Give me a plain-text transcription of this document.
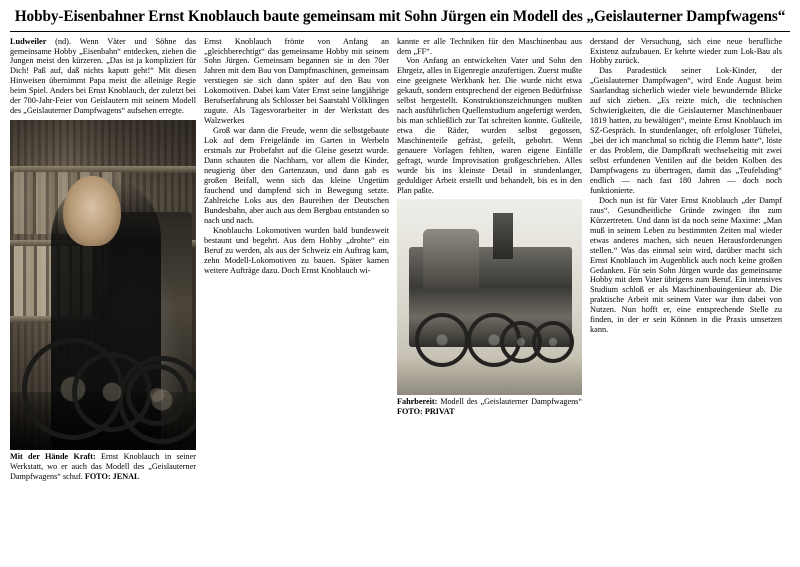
Hobby-Eisenbahner Ernst Knoblauch baute gemeinsam mit Sohn Jürgen ein Modell des „Geislauterner Dampfwagens“

Ludweiler (nd). Wenn Väter und Söhne das gemeinsame Hobby „Eisenbahn“ entdecken, ziehen die Jungen meist den kürzeren. „Das ist ja kompliziert für Dich! Paß auf, daß nichts kaputt geht!“ Mit diesen Hinweisen übernimmt Papa meist die alleinige Regie beim Spiel. Anders bei Ernst Knoblauch, der zuletzt bei der 700-Jahr-Feier von Geislautern mit seinem Modell des „Geislauterner Dampfwagens“ aufsehen erregte.

Mit der Hände Kraft: Ernst Knoblauch in seiner Werkstatt, wo er auch das Modell des „Geislauterner Dampfwagens“ schuf. FOTO: JENAL

Ernst Knoblauch frönte von Anfang an „gleichberechtigt“ das gemeinsame Hobby mit seinem Sohn Jürgen. Gemeinsam begannen sie in den 70er Jahren mit dem Bau von Dampfmaschinen, gemeinsam verstiegen sie sich dann später auf den Bau von Lokomotiven. Dabei kam Vater Ernst seine langjährige Berufserfahrung als Schlosser bei Saarstahl Völklingen zugute. Als Tagesvorarbeiter in der Werkstatt des Walzwerkes

Groß war dann die Freude, wenn die selbstgebaute Lok auf dem Freigelände im Garten in Werbeln erstmals zur Probefahrt auf die Gleise gesetzt wurde. Dann schauten die Nachbarn, vor allem die Kinder, neugierig über den Gartenzaun, und dann gab es großen Beifall, wenn sich das kleine Ungetüm fauchend und dampfend sich in Bewegung setzte. Zahlreiche Loks aus den Baureihen der Deutschen Bundesbahn, aber auch aus dem Bergbau entstanden so nach und nach.

Knoblauchs Lokomotiven wurden bald bundesweit bestaunt und begehrt. Aus dem Hobby „drohte“ ein Beruf zu werden, als aus der Schweiz ein Auftrag kam, zehn Modell-Lokomotiven zu bauen. Später kamen weitere Aufträge dazu. Doch Ernst Knoblauch wi-

kannte er alle Techniken für den Maschinenbau aus dem „FF“.

Von Anfang an entwickelten Vater und Sohn den Ehrgeiz, alles in Eigenregie anzufertigen. Zuerst mußte eine geeignete Werkbank her. Die wurde nicht etwa gekauft, sondern entsprechend der eigenen Bedürfnisse selbst hergestellt. Konstruktionszeichnungen mußten nach ausführlichen Quellenstudium angefertigt werden, bis man schließlich zur Tat schreiten konnte. Gußteile, etwa die Räder, wurden selbst gegossen, Maschinenteile gefräst, gefeilt, gebohrt. Wenn genauere Vorlagen fehlten, waren eigene Einfälle gefragt, wurde Improvisation großgeschrieben. Alles wurde bis ins kleinste Detail in stundenlanger, geduldiger Arbeit erstellt und behandelt, bis es in den Plan paßte.

Fahrbereit: Modell des „Geislauterner Dampfwagens“ FOTO: PRIVAT

derstand der Versuchung, sich eine neue berufliche Existenz aufzubauen. Er kehrte wieder zum Lok-Bau als Hobby zurück.

Das Paradestück seiner Lok-Kinder, der „Geislauterner Dampfwagen“, wird Ende August beim Saarlandtag sicherlich wieder viele bewundernde Blicke auf sich ziehen. „Es reizte mich, die technischen Schwierigkeiten, die die Geislauterner Maschinenbauer 1819 hatten, zu bewältigen“, meinte Ernst Knoblauch im SZ-Gespräch. In stundenlanger, oft erfolgloser Tüftelei, „bei der ich manchmal so richtig die Flemm hatte“, löste er das Problem, die Dampfkraft wechselseitig mit zwei selbst erfundenen Ventilen auf die beiden Kolben des Dampfwagens zu übertragen, damit das „Teufelsding“ endlich — nach fast 180 Jahren — doch noch funktionierte.

Doch nun ist für Vater Ernst Knoblauch „der Dampf raus“. Gesundheitliche Gründe zwingen ihn zum Kürzertreten. Und dann ist da noch seine Maxime: „Man muß in seinem Leben zu bestimmten Zeiten mal wieder etwas anderes machen, sich neuen Herausforderungen stellen.“ Was das einmal sein wird, darüber macht sich Ernst Knoblauch im Augenblick auch noch keine großen Gedanken. Für sein Sohn Jürgen wurde das gemeinsame Hobby mit dem Vater übrigens zum Beruf. Ein intensives Studium schloß er als Maschinenbauingenieur ab. Die praktische Arbeit mit seinem Vater war ihm dabei von Nutzen. Nun hofft er, eine entsprechende Stelle zu finden, in der er sein Können in die Praxis umsetzen kann.
